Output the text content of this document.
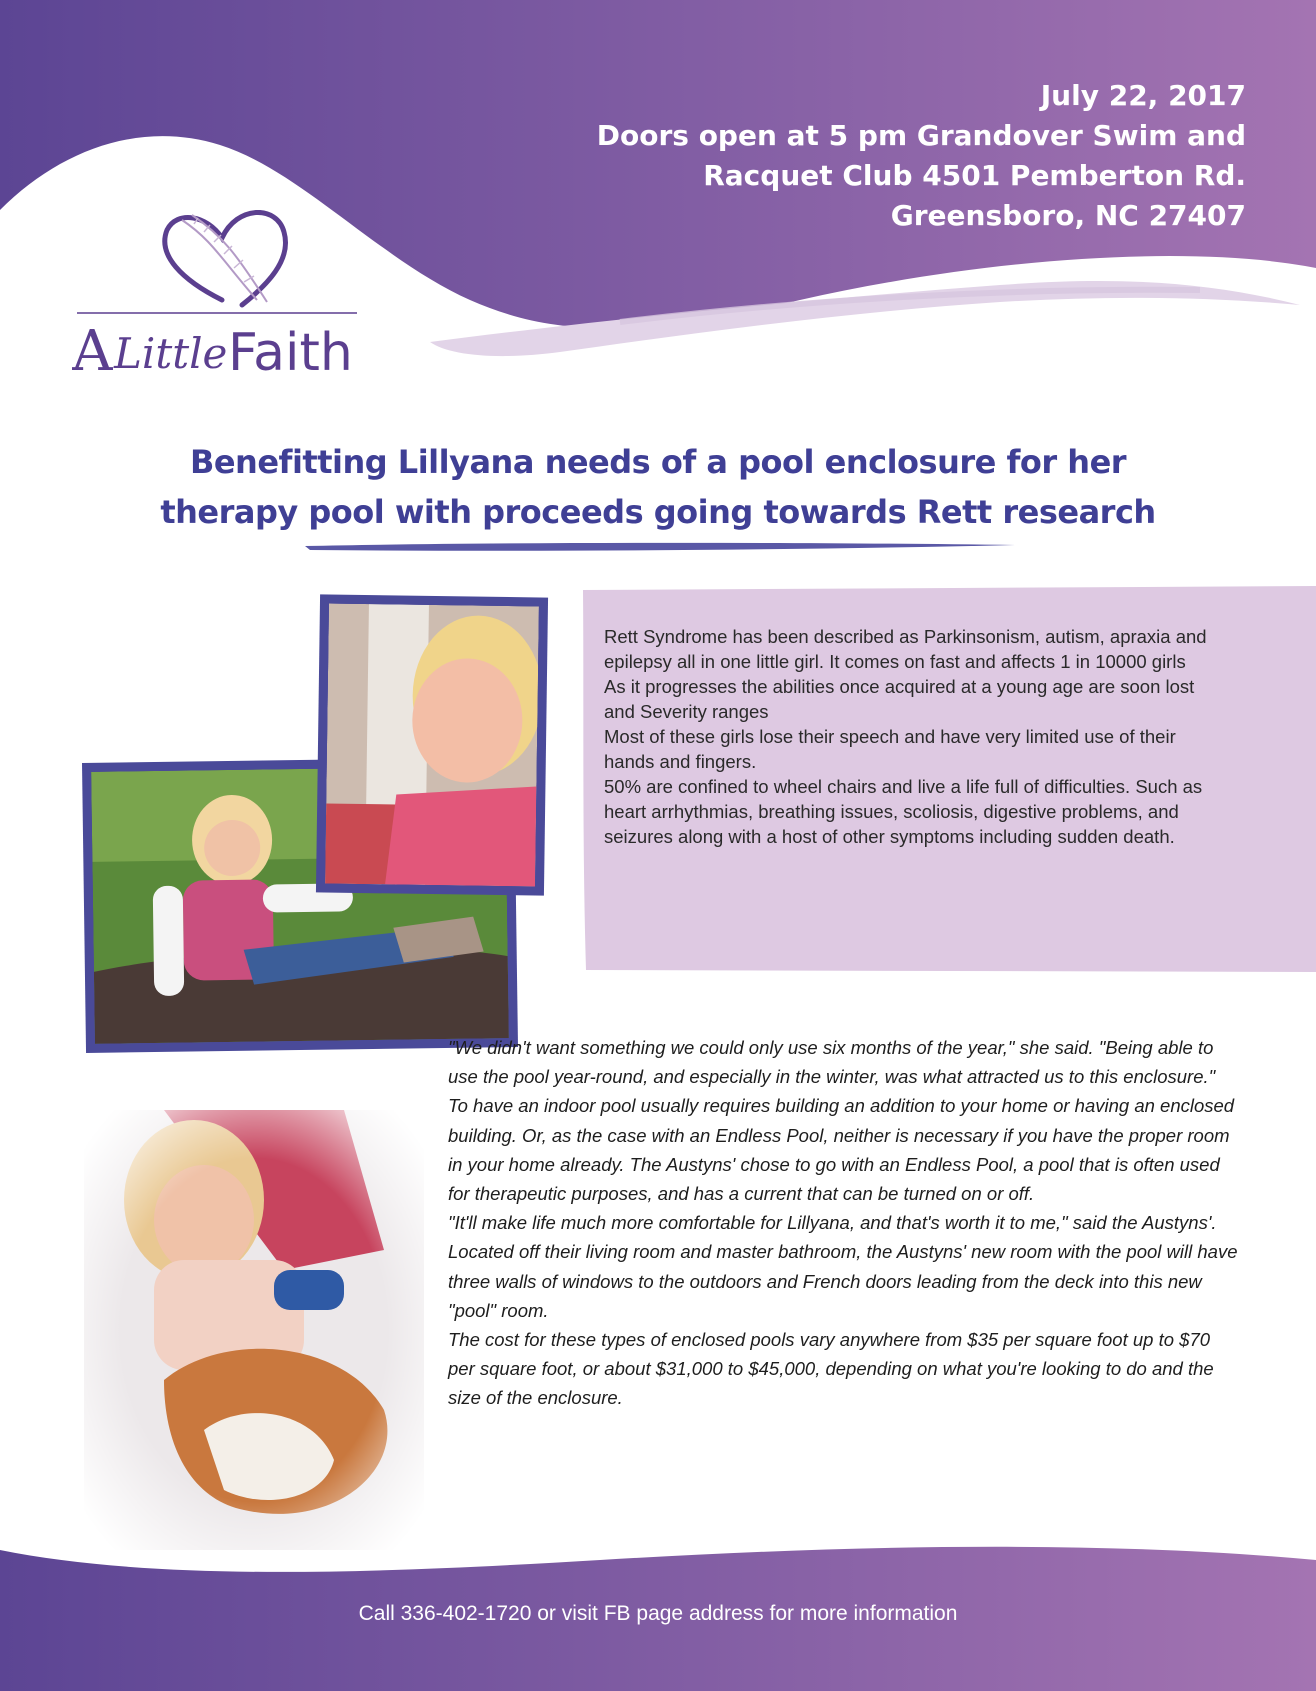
July 22, 2017
Doors open at 5 pm Grandover Swim and Racquet Club 4501 Pemberton Rd. Greensboro, NC 27407
A Little Faith
Benefitting Lillyana needs of a pool enclosure for her therapy pool with proceeds going towards Rett research

Rett Syndrome has been described as Parkinsonism, autism, apraxia and epilepsy all in one little girl. It comes on fast and affects 1 in 10000 girls

As it progresses the abilities once acquired at a young age are soon lost and Severity ranges

Most of these girls lose their speech and have very limited use of their hands and fingers.

50% are confined to wheel chairs and live a life full of difficulties. Such as heart arrhythmias, breathing issues, scoliosis, digestive problems, and seizures along with a host of other symptoms including sudden death.

"We didn't want something we could only use six months of the year," she said. "Being able to use the pool year-round, and especially in the winter, was what attracted us to this enclosure."

To have an indoor pool usually requires building an addition to your home or having an enclosed building. Or, as the case with an Endless Pool, neither is necessary if you have the proper room in your home already. The Austyns' chose to go with an Endless Pool, a pool that is often used for therapeutic purposes, and has a current that can be turned on or off.

"It'll make life much more comfortable for Lillyana, and that's worth it to me," said the Austyns'.

Located off their living room and master bathroom, the Austyns' new room with the pool will have three walls of windows to the outdoors and French doors leading from the deck into this new "pool" room.

The cost for these types of enclosed pools vary anywhere from $35 per square foot up to $70 per square foot, or about $31,000 to $45,000, depending on what you're looking to do and the size of the enclosure.

Call 336-402-1720 or visit FB page address for more information
